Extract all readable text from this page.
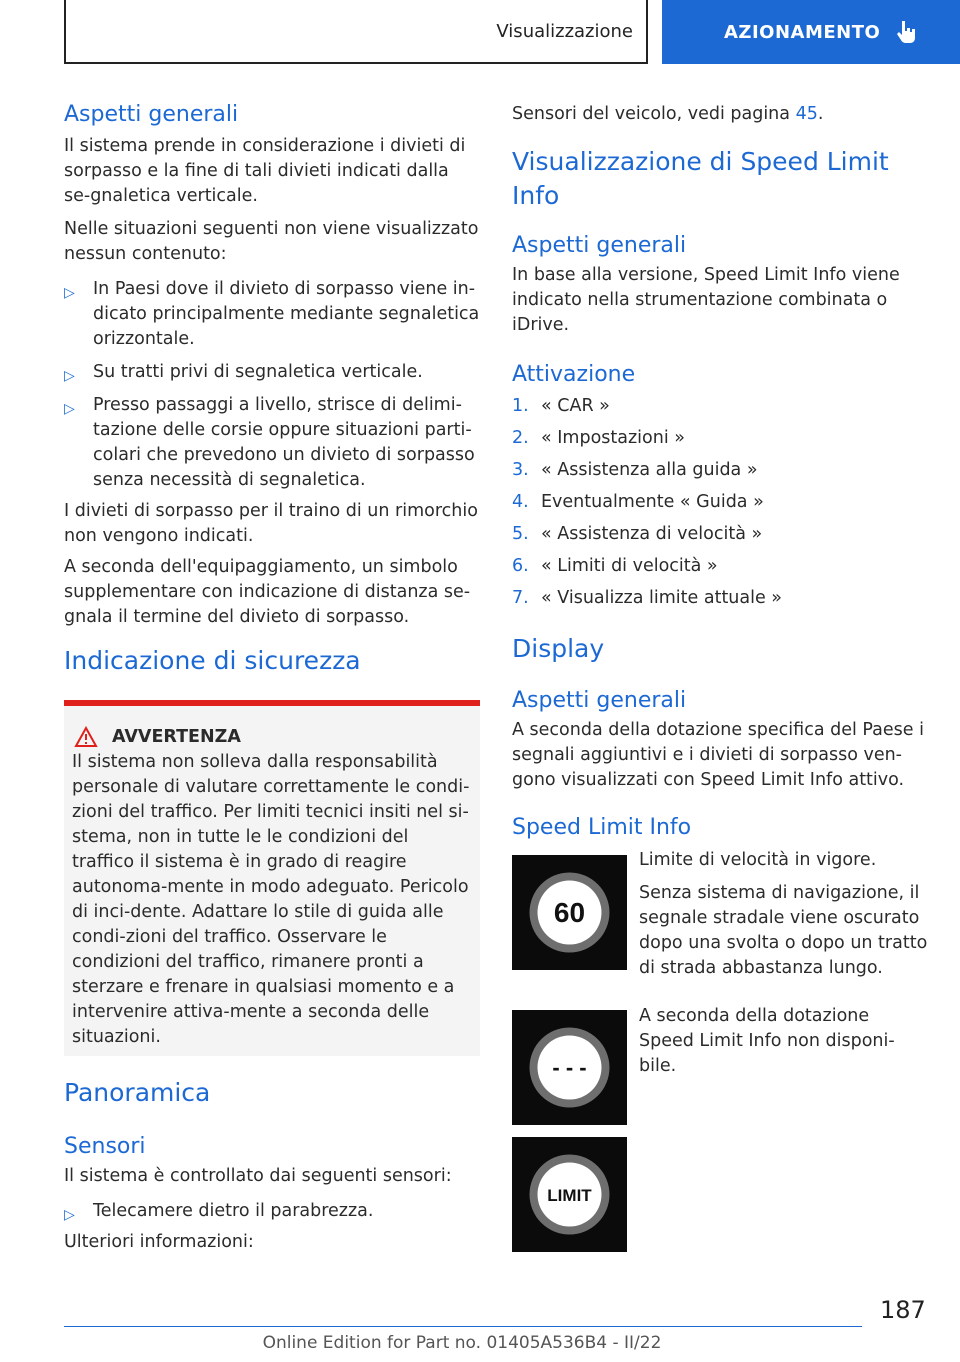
Visualizzazione	AZIONAMENTO
Aspetti generali

Il sistema prende in considerazione i divieti di sorpasso e la fine di tali divieti indicati dalla se-gnaletica verticale.

Nelle situazioni seguenti non viene visualizzato nessun contenuto:

▷ In Paesi dove il divieto di sorpasso viene in-dicato principalmente mediante segnaletica orizzontale.
▷ Su tratti privi di segnaletica verticale.
▷ Presso passaggi a livello, strisce di delimi-tazione delle corsie oppure situazioni parti-colari che prevedono un divieto di sorpasso senza necessità di segnaletica.

I divieti di sorpasso per il traino di un rimorchio non vengono indicati.

A seconda dell'equipaggiamento, un simbolo supplementare con indicazione di distanza se-gnala il termine del divieto di sorpasso.

Indicazione di sicurezza
AVVERTENZA

Il sistema non solleva dalla responsabilità personale di valutare correttamente le condi-zioni del traffico. Per limiti tecnici insiti nel si-stema, non in tutte le le condizioni del traffico il sistema è in grado di reagire autonoma-mente in modo adeguato. Pericolo di inci-dente. Adattare lo stile di guida alle condi-zioni del traffico. Osservare le condizioni del traffico, rimanere pronti a sterzare e frenare in qualsiasi momento e a intervenire attiva-mente a seconda delle situazioni.

Panoramica
Sensori

Il sistema è controllato dai seguenti sensori:

▷ Telecamere dietro il parabrezza.

Ulteriori informazioni:

Sensori del veicolo, vedi pagina 45.

Visualizzazione di Speed Limit Info
Aspetti generali

In base alla versione, Speed Limit Info viene indicato nella strumentazione combinata o iDrive.

Attivazione
1. « CAR »
2. « Impostazioni »
3. « Assistenza alla guida »
4. Eventualmente « Guida »
5. « Assistenza di velocità »
6. « Limiti di velocità »
7. « Visualizza limite attuale »
Display
Aspetti generali

A seconda della dotazione specifica del Paese i segnali aggiuntivi e i divieti di sorpasso ven-gono visualizzati con Speed Limit Info attivo.

Speed Limit Info
60
- - -
LIMIT

Limite di velocità in vigore.

Senza sistema di navigazione, il segnale stradale viene oscurato dopo una svolta o dopo un tratto di strada abbastanza lungo.

A seconda della dotazione Speed Limit Info non disponi-bile.

187
Online Edition for Part no. 01405A536B4 - II/22
